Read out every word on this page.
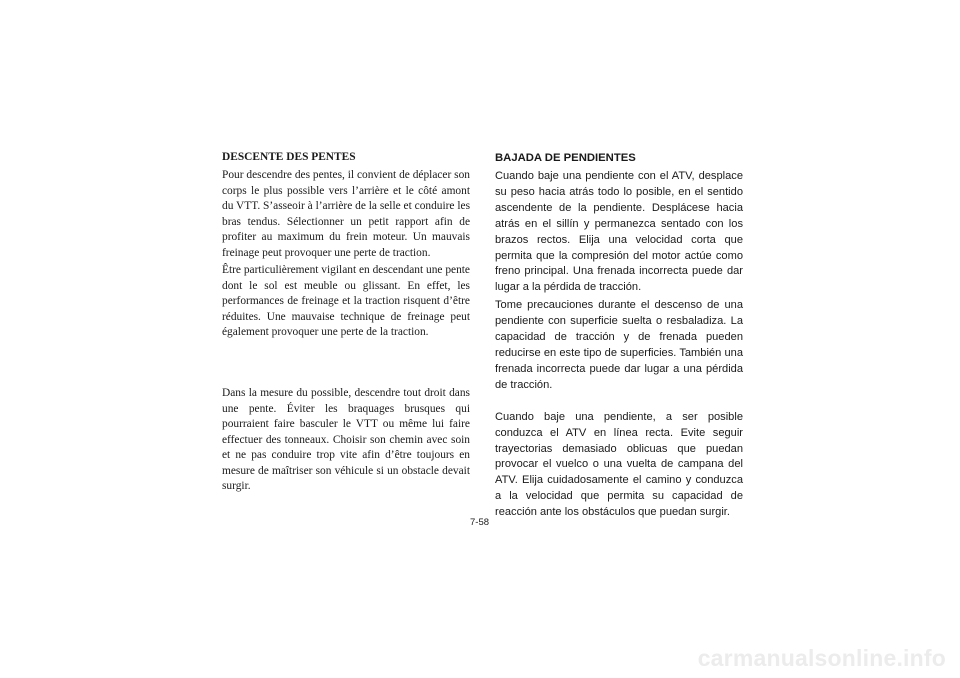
DESCENTE DES PENTES

Pour descendre des pentes, il convient de déplacer son corps le plus possible vers l’arrière et le côté amont du VTT. S’asseoir à l’arrière de la selle et conduire les bras tendus. Sélectionner un petit rapport afin de profiter au maximum du frein moteur. Un mauvais freinage peut provoquer une perte de traction.

Être particulièrement vigilant en descendant une pente dont le sol est meuble ou glissant. En effet, les performances de freinage et la traction risquent d’être réduites. Une mauvaise technique de freinage peut également provoquer une perte de la traction.

Dans la mesure du possible, descendre tout droit dans une pente. Éviter les braquages brusques qui pourraient faire basculer le VTT ou même lui faire effectuer des tonneaux. Choisir son chemin avec soin et ne pas conduire trop vite afin d’être toujours en mesure de maîtriser son véhicule si un obstacle devait surgir.

BAJADA DE PENDIENTES

Cuando baje una pendiente con el ATV, desplace su peso hacia atrás todo lo posible, en el sentido ascendente de la pendiente. Desplácese hacia atrás en el sillín y permanezca sentado con los brazos rectos. Elija una velocidad corta que permita que la compresión del motor actúe como freno principal. Una frenada incorrecta puede dar lugar a la pérdida de tracción.

Tome precauciones durante el descenso de una pendiente con superficie suelta o resbaladiza. La capacidad de tracción y de frenada pueden reducirse en este tipo de superficies. También una frenada incorrecta puede dar lugar a una pérdida de tracción.

Cuando baje una pendiente, a ser posible conduzca el ATV en línea recta. Evite seguir trayectorias demasiado oblicuas que puedan provocar el vuelco o una vuelta de campana del ATV. Elija cuidadosamente el camino y conduzca a la velocidad que permita su capacidad de reacción ante los obstáculos que puedan surgir.

7-58
carmanualsonline.info
